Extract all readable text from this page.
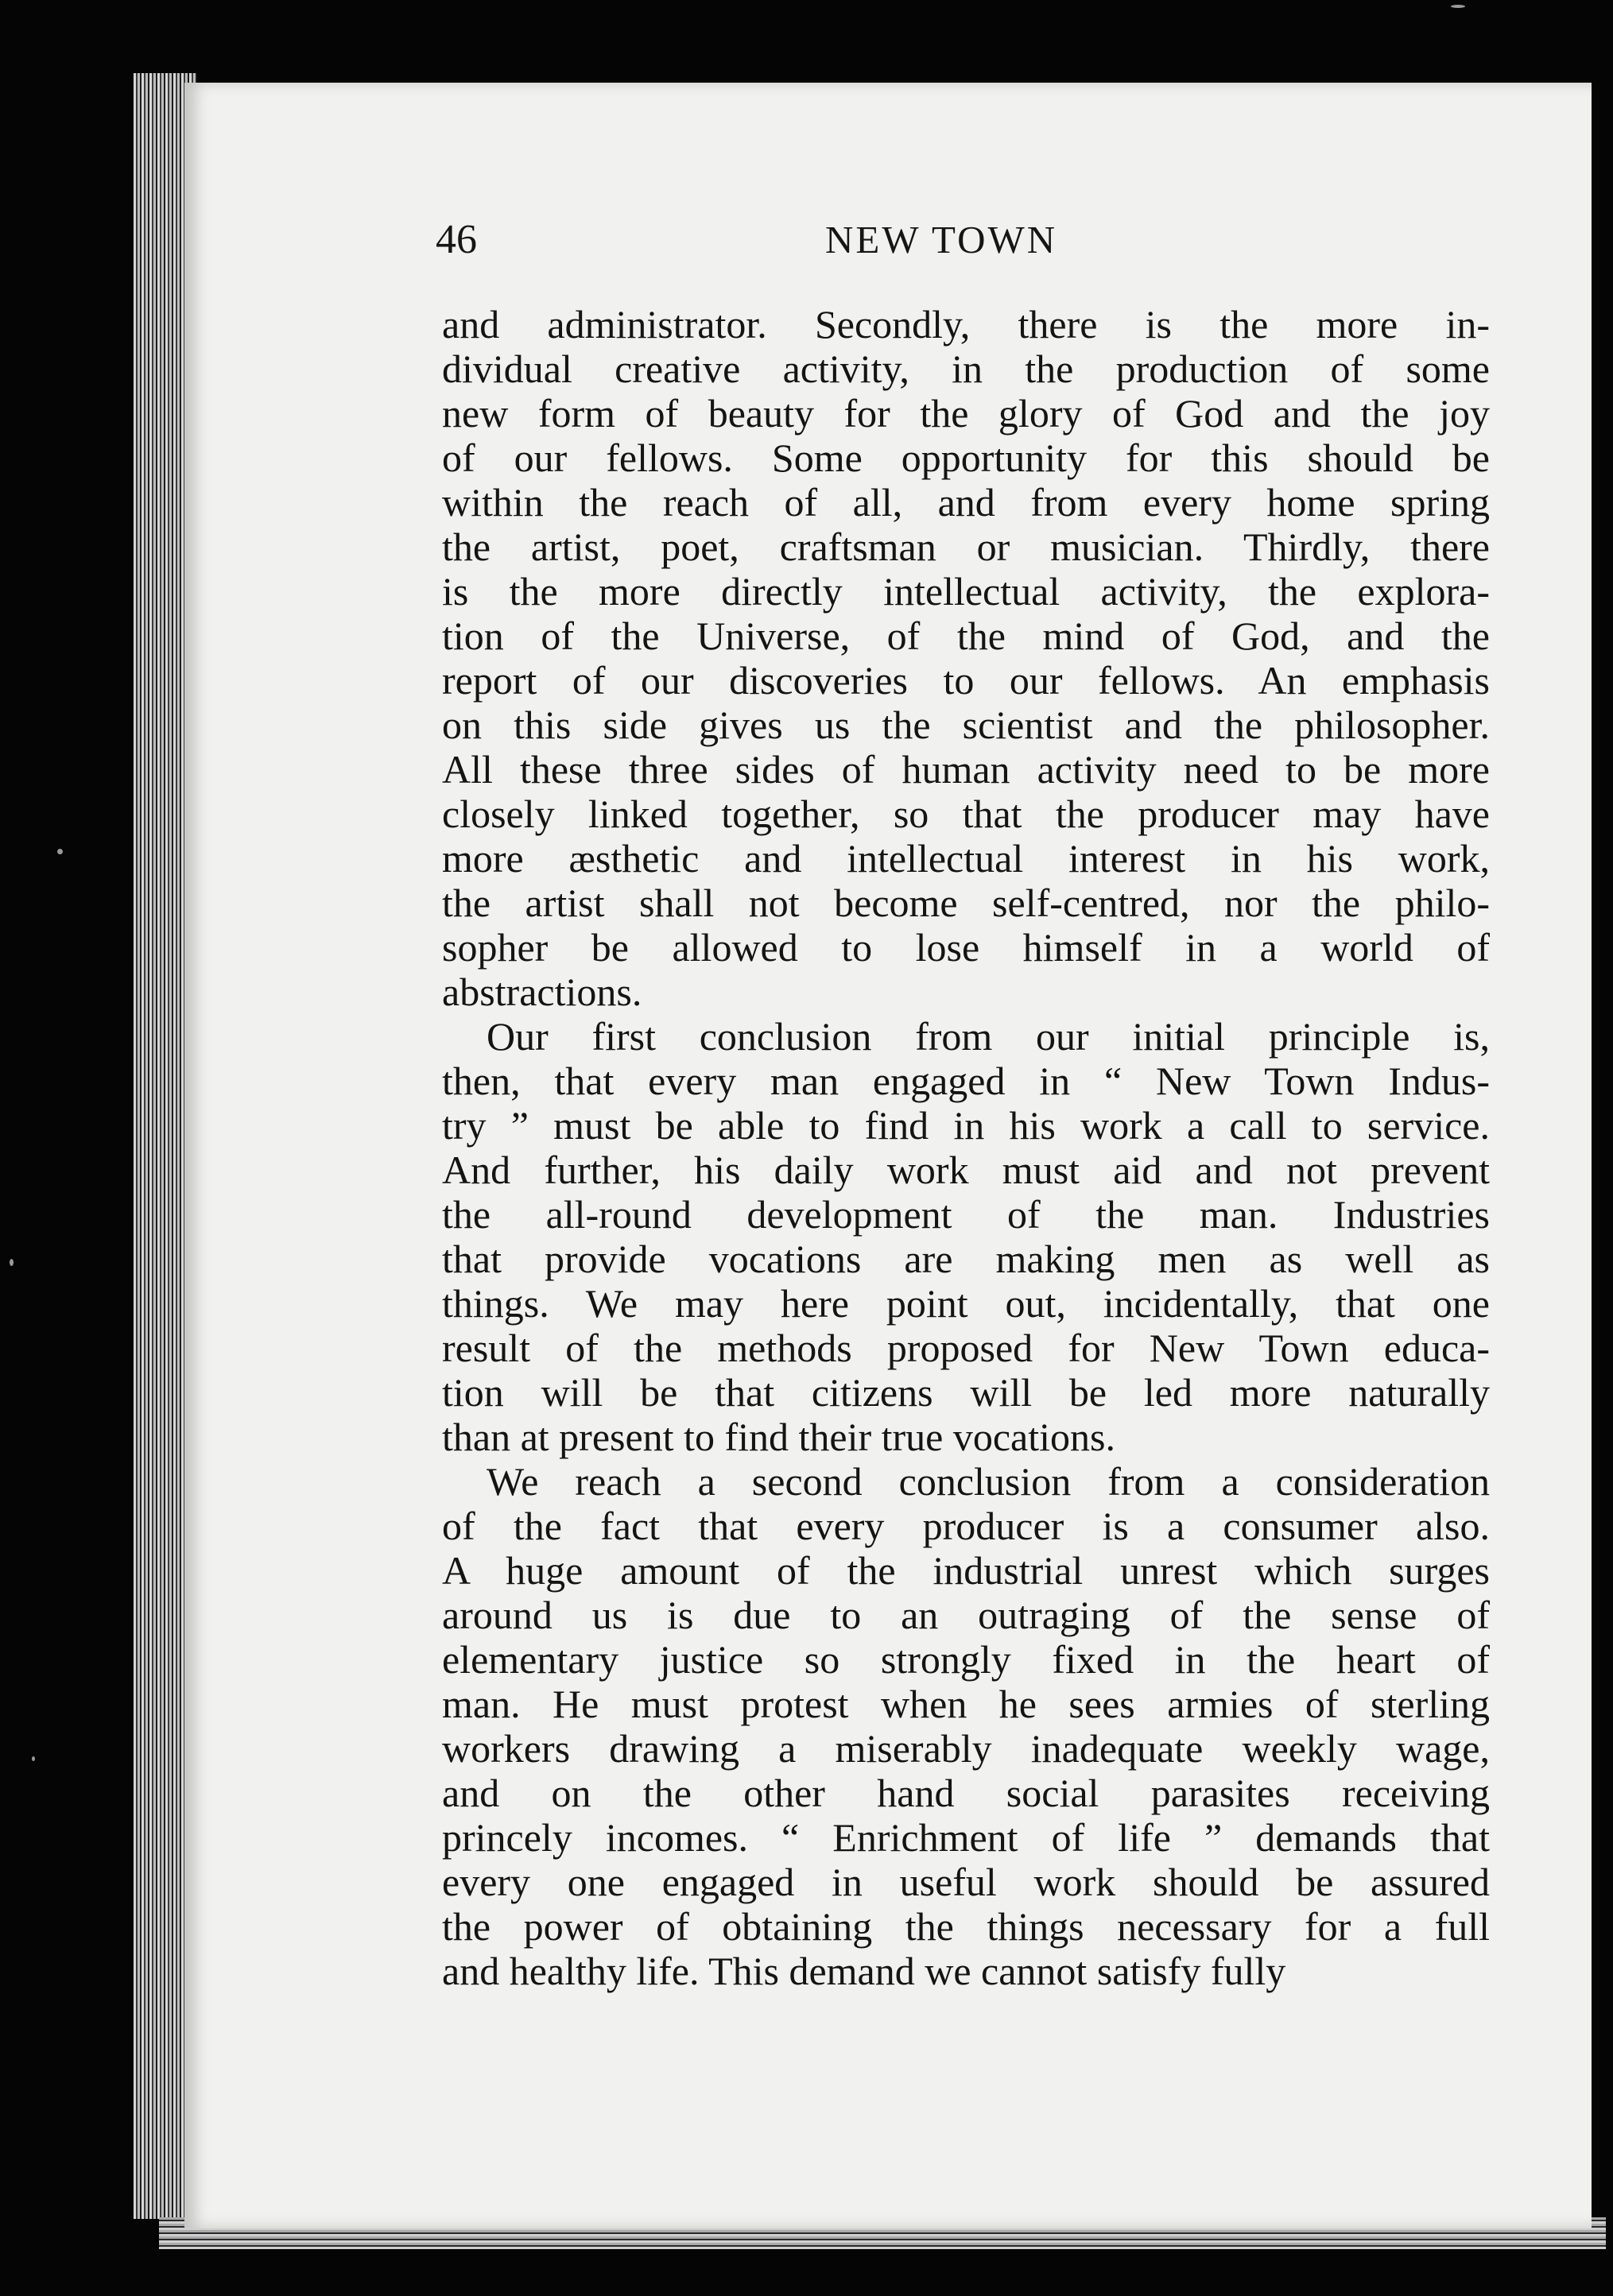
46	NEW TOWN
and administrator. Secondly, there is the more in-
dividual creative activity, in the production of some
new form of beauty for the glory of God and the joy
of our fellows. Some opportunity for this should be
within the reach of all, and from every home spring
the artist, poet, craftsman or musician. Thirdly, there
is the more directly intellectual activity, the explora-
tion of the Universe, of the mind of God, and the
report of our discoveries to our fellows. An emphasis
on this side gives us the scientist and the philosopher.
All these three sides of human activity need to be more
closely linked together, so that the producer may have
more æsthetic and intellectual interest in his work,
the artist shall not become self-centred, nor the philo-
sopher be allowed to lose himself in a world of
abstractions.
Our first conclusion from our initial principle is,
then, that every man engaged in “ New Town Indus-
try ” must be able to find in his work a call to service.
And further, his daily work must aid and not prevent
the all-round development of the man. Industries
that provide vocations are making men as well as
things. We may here point out, incidentally, that one
result of the methods proposed for New Town educa-
tion will be that citizens will be led more naturally
than at present to find their true vocations.
We reach a second conclusion from a consideration
of the fact that every producer is a consumer also.
A huge amount of the industrial unrest which surges
around us is due to an outraging of the sense of
elementary justice so strongly fixed in the heart of
man. He must protest when he sees armies of sterling
workers drawing a miserably inadequate weekly wage,
and on the other hand social parasites receiving
princely incomes. “ Enrichment of life ” demands that
every one engaged in useful work should be assured
the power of obtaining the things necessary for a full
and healthy life. This demand we cannot satisfy fully
